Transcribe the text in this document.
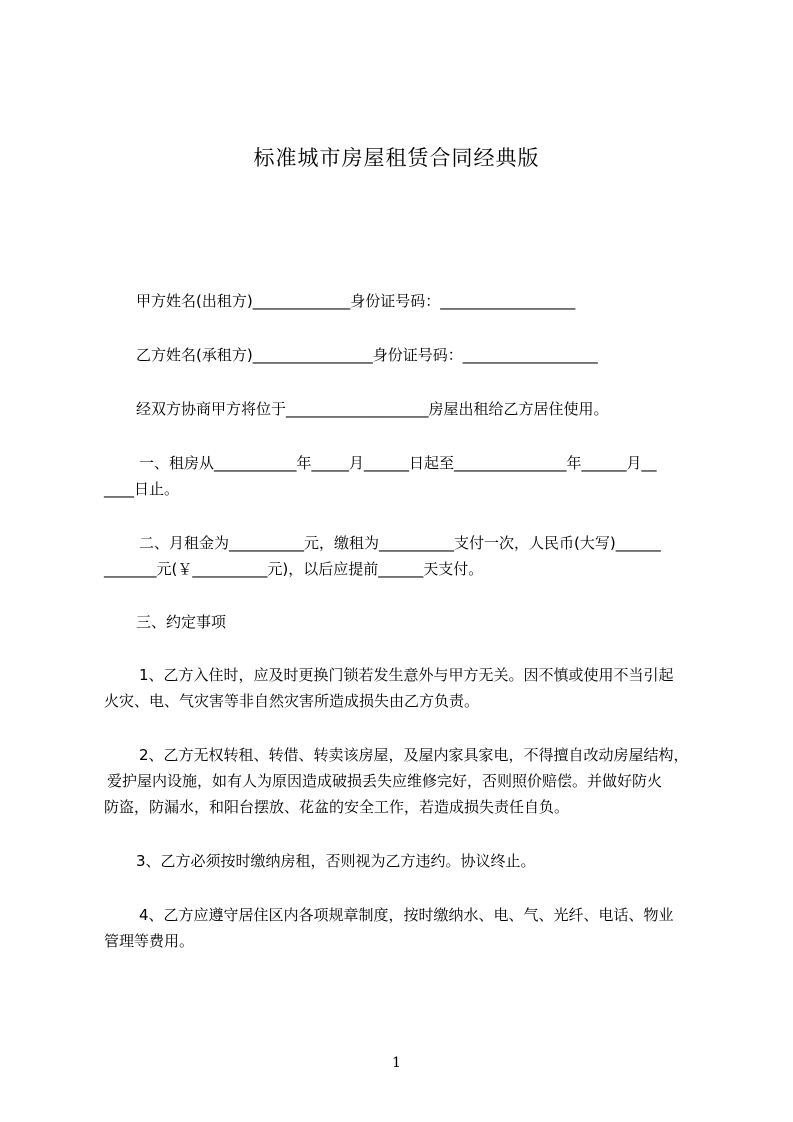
标准城市房屋租赁合同经典版
甲方姓名(出租方)_____________身份证号码：__________________
乙方姓名(承租方)________________身份证号码：__________________
经双方协商甲方将位于___________________房屋出租给乙方居住使用。
一、租房从___________年_____月______日起至_______________年______月__
____日止。
二、月租金为__________元，缴租为__________支付一次，人民币(大写)______
_______元(￥__________元)，以后应提前______天支付。
三、约定事项
1、乙方入住时，应及时更换门锁若发生意外与甲方无关。因不慎或使用不当引起
火灾、电、气灾害等非自然灾害所造成损失由乙方负责。
2、乙方无权转租、转借、转卖该房屋，及屋内家具家电，不得擅自改动房屋结构，
爱护屋内设施，如有人为原因造成破损丢失应维修完好，否则照价赔偿。并做好防火
防盗，防漏水，和阳台摆放、花盆的安全工作，若造成损失责任自负。
3、乙方必须按时缴纳房租，否则视为乙方违约。协议终止。
4、乙方应遵守居住区内各项规章制度，按时缴纳水、电、气、光纤、电话、物业
管理等费用。
1
